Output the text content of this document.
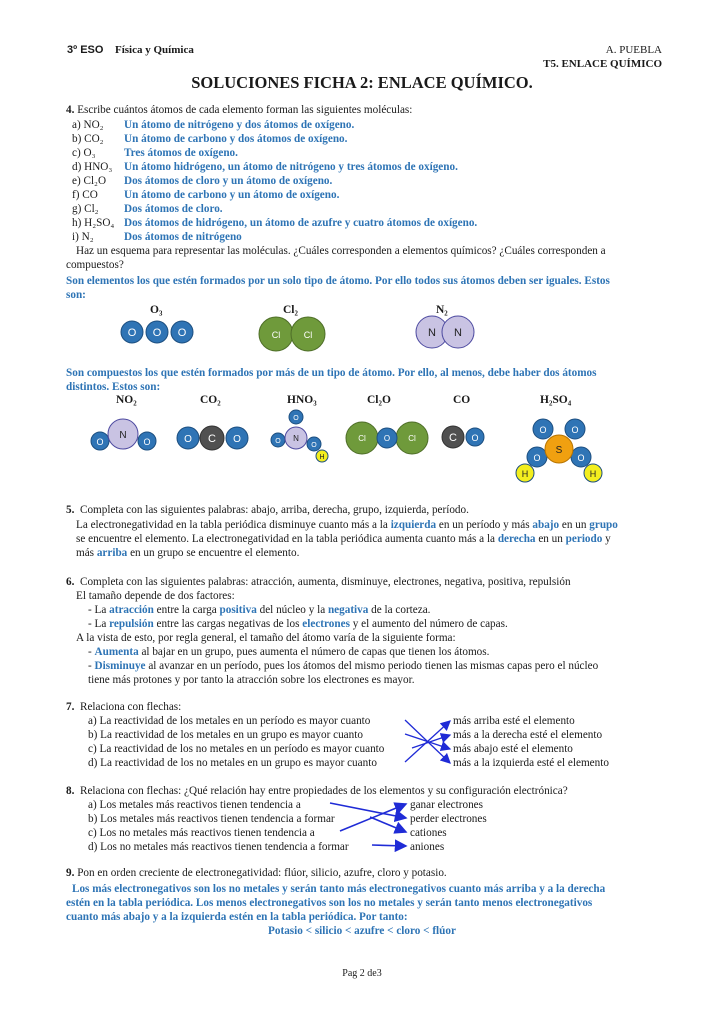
3º ESO Física y Química	A. PUEBLA
T5. ENLACE QUÍMICO
SOLUCIONES FICHA 2: ENLACE QUÍMICO.
4. Escribe cuántos átomos de cada elemento forman las siguientes moléculas:
a) NO₂ Un átomo de nitrógeno y dos átomos de oxígeno.
b) CO₂ Un átomo de carbono y dos átomos de oxígeno.
c) O₃	Tres átomos de oxígeno.
d) HNO₃ Un átomo hidrógeno, un átomo de nitrógeno y tres átomos de oxígeno.
e) Cl₂O Dos átomos de cloro y un átomo de oxígeno.
f) CO Un átomo de carbono y un átomo de oxígeno.
g) Cl₂ Dos átomos de cloro.
h) H₂SO₄ Dos átomos de hidrógeno, un átomo de azufre y cuatro átomos de oxígeno.
i) N₂	Dos átomos de nitrógeno
Haz un esquema para representar las moléculas. ¿Cuáles corresponden a elementos químicos? ¿Cuáles corresponden a
compuestos?
Son elementos los que estén formados por un solo tipo de átomo. Por ello todos sus átomos deben ser iguales. Estos
son:
O₃	Cl₂	N₂
O O O	Cl	Cl	N N
Son compuestos los que estén formados por más de un tipo de átomo. Por ello, al menos, debe haber dos átomos
distintos. Estos son:
NO₂	CO₂	HNO₃	Cl₂O	CO	H₂SO₄
O	O
N	O C O
O
O N
O
H
Cl O Cl	C O
O	O
O	O
H	H
S
5. Completa con las siguientes palabras: abajo, arriba, derecha, grupo, izquierda, período.
La electronegatividad en la tabla periódica disminuye cuanto más a la izquierda en un período y más abajo en un grupo
se encuentre el elemento. La electronegatividad en la tabla periódica aumenta cuanto más a la derecha en un periodo y
más arriba en un grupo se encuentre el elemento.
6. Completa con las siguientes palabras: atracción, aumenta, disminuye, electrones, negativa, positiva, repulsión
El tamaño depende de dos factores:
- La atracción entre la carga positiva del núcleo y la negativa de la corteza.
- La repulsión entre las cargas negativas de los electrones y el aumento del número de capas.
A la vista de esto, por regla general, el tamaño del átomo varía de la siguiente forma:
- Aumenta al bajar en un grupo, pues aumenta el número de capas que tienen los átomos.
- Disminuye al avanzar en un período, pues los átomos del mismo periodo tienen las mismas capas pero el núcleo
tiene más protones y por tanto la atracción sobre los electrones es mayor.
7. Relaciona con flechas:
a) La reactividad de los metales en un período es mayor cuanto
b) La reactividad de los metales en un grupo es mayor cuanto
c) La reactividad de los no metales en un período es mayor cuanto
d) La reactividad de los no metales en un grupo es mayor cuanto
más arriba esté el elemento
más a la derecha esté el elemento
más abajo esté el elemento
más a la izquierda esté el elemento
8. Relaciona con flechas: ¿Qué relación hay entre propiedades de los elementos y su configuración electrónica?
a) Los metales más reactivos tienen tendencia a
b) Los metales más reactivos tienen tendencia a formar
c) Los no metales más reactivos tienen tendencia a
d) Los no metales más reactivos tienen tendencia a formar
ganar electrones
perder electrones
cationes
aniones
9. Pon en orden creciente de electronegatividad: flúor, silicio, azufre, cloro y potasio.
Los más electronegativos son los no metales y serán tanto más electronegativos cuanto más arriba y a la derecha
estén en la tabla periódica. Los menos electronegativos son los no metales y serán tanto menos electronegativos
cuanto más abajo y a la izquierda estén en la tabla periódica. Por tanto:
Potasio < silicio < azufre < cloro < flúor
Pag 2 de3
